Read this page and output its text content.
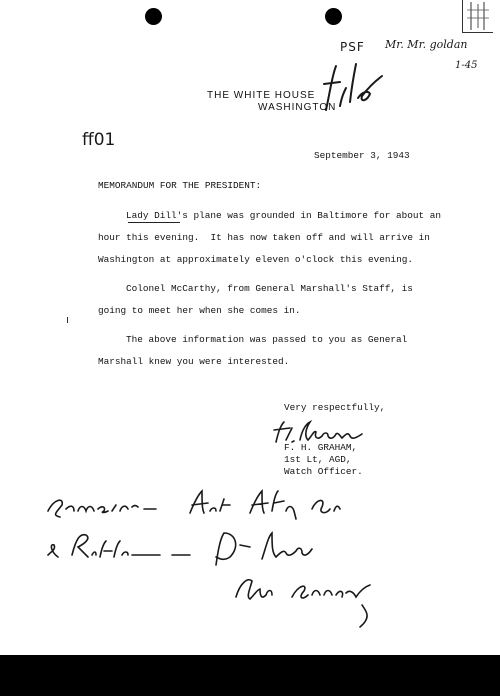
PSF Mr. Mr. goldan
1-45
ff01
THE WHITE HOUSE
WASHINGTON
September 3, 1943
MEMORANDUM FOR THE PRESIDENT:
Lady Dill's plane was grounded in Baltimore for about an
hour this evening.  It has now taken off and will arrive in
Washington at approximately eleven o'clock this evening.
Colonel McCarthy, from General Marshall's Staff, is
going to meet her when she comes in.
The above information was passed to you as General
Marshall knew you were interested.
Very respectfully,
F. H. GRAHAM,
1st Lt, AGD,
Watch Officer.
